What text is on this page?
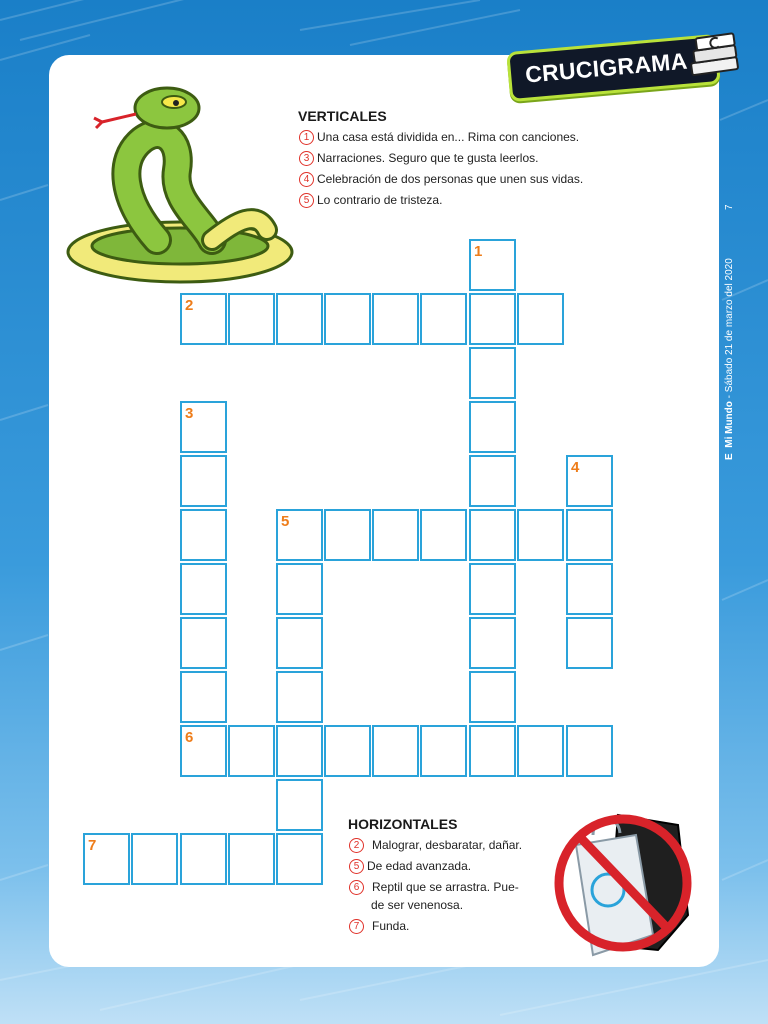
CRUCIGRAMA
E  Mi Mundo - Sábado 21 de marzo del 2020
7
VERTICALES
1 Una casa está dividida en... Rima con canciones.
3 Narraciones. Seguro que te gusta leerlos.
4 Celebración de dos personas que unen sus vidas.
5 Lo contrario de tristeza.
1
2
3
4
5
6
7
HORIZONTALES
2	Malograr, desbaratar, dañar.
5 De edad avanzada.
6	Reptil que se arrastra. Pue-
de ser venenosa.
7	Funda.
